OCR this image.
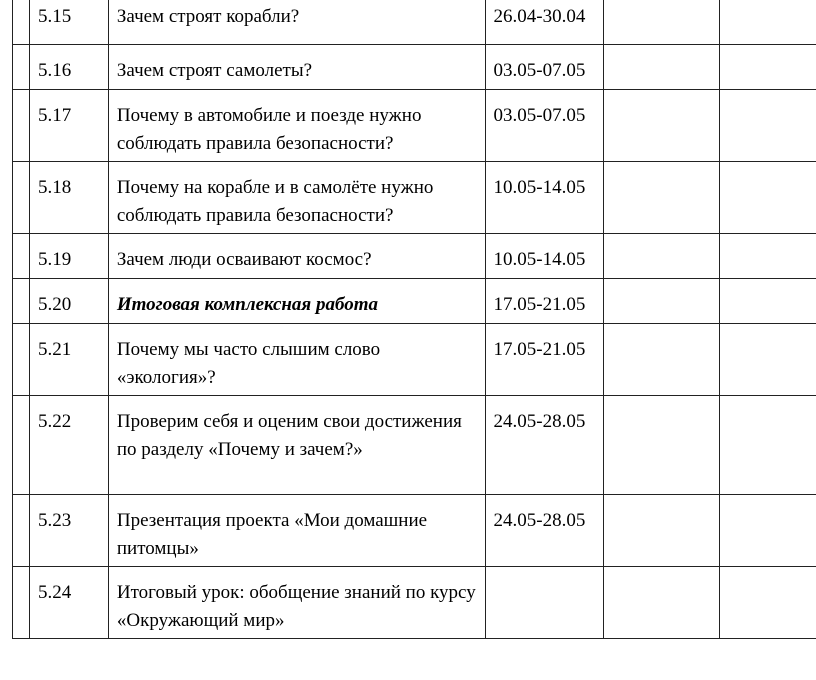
	5.15	Зачем строят корабли?	26.04-30.04		
	5.16	Зачем строят самолеты?	03.05-07.05		
	5.17	Почему в автомобиле и поезде нужно соблюдать правила безопасности?	03.05-07.05		
	5.18	Почему на корабле и в самолёте нужно соблюдать правила безопасности?	10.05-14.05		
	5.19	Зачем люди осваивают космос?	10.05-14.05		
	5.20	Итоговая комплексная работа	17.05-21.05		
	5.21	Почему мы часто слышим слово «экология»?	17.05-21.05		
	5.22	Проверим себя и оценим свои достижения по разделу «Почему и зачем?»	24.05-28.05		
	5.23	Презентация проекта «Мои домашние питомцы»	24.05-28.05		
	5.24	Итоговый урок: обобщение знаний по курсу «Окружающий мир»			
